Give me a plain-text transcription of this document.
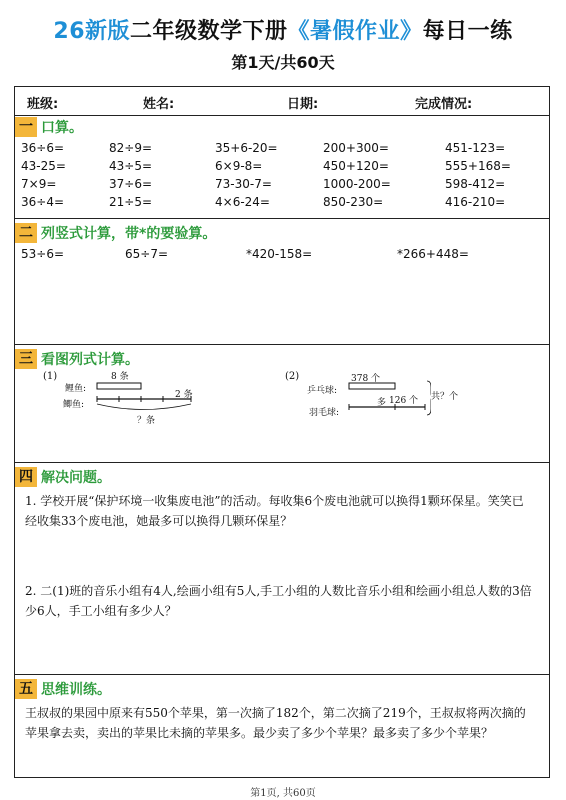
26新版二年级数学下册《暑假作业》每日一练
第1天/共60天
班级:	姓名:	日期:	完成情况:
一 口算。
36÷6=	82÷9=	35+6-20=	200+300=	451-123=
43-25=	43÷5=	6×9-8=	450+120=	555+168=
7×9=	37÷6=	73-30-7=	1000-200=	598-412=
36÷4=	21÷5=	4×6-24=	850-230=	416-210=
二 列竖式计算，带*的要验算。
53÷6=	65÷7=	*420-158=	*266+448=
三 看图列式计算。
(1)
鲤鱼:
鲫鱼:
8 条
2 条
？条
(2)
乒乓球:
羽毛球:
378 个
多 126 个 共？个
四 解决问题。
1. 学校开展“保护环境一收集废电池”的活动。每收集6个废电池就可以换得1颗环保星。笑笑已经收集33个废电池，她最多可以换得几颗环保星？
2. 二(1)班的音乐小组有4人,绘画小组有5人,手工小组的人数比音乐小组和绘画小组总人数的3倍少6人，手工小组有多少人？
五 思维训练。
王叔叔的果园中原来有550个苹果，第一次摘了182个，第二次摘了219个，王叔叔将两次摘的苹果拿去卖，卖出的苹果比未摘的苹果多。最少卖了多少个苹果？最多卖了多少个苹果？
第1页, 共60页
